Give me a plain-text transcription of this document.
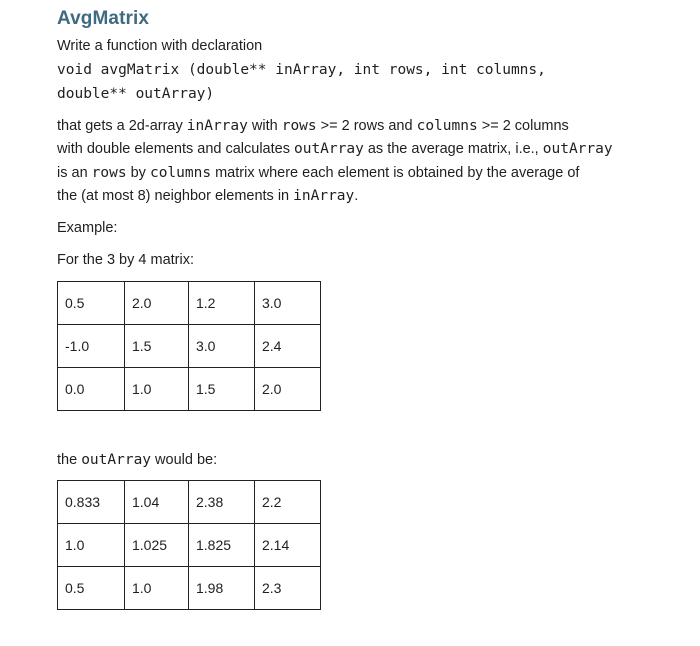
AvgMatrix
Write a function with declaration
void avgMatrix (double** inArray, int rows, int columns,
double** outArray)
that gets a 2d-array inArray with rows >= 2 rows and columns >= 2 columns
with double elements and calculates outArray as the average matrix, i.e., outArray
is an rows by columns matrix where each element is obtained by the average of
the (at most 8) neighbor elements in inArray.
Example:
For the 3 by 4 matrix:
0.5	2.0	1.2	3.0
-1.0	1.5	3.0	2.4
0.0	1.0	1.5	2.0
the outArray would be:
0.833	1.04	2.38	2.2
1.0	1.025	1.825	2.14
0.5	1.0	1.98	2.3
